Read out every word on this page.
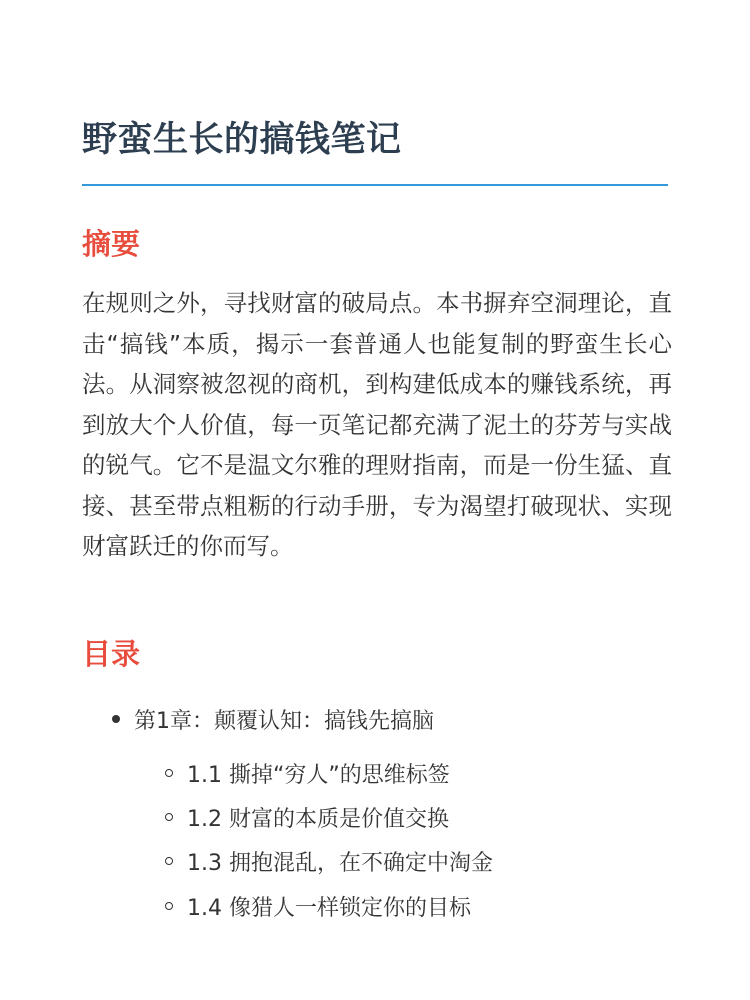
野蛮生长的搞钱笔记
摘要

在规则之外，寻找财富的破局点。本书摒弃空洞理论，直击“搞钱”本质，揭示一套普通人也能复制的野蛮生长心法。从洞察被忽视的商机，到构建低成本的赚钱系统，再到放大个人价值，每一页笔记都充满了泥土的芬芳与实战的锐气。它不是温文尔雅的理财指南，而是一份生猛、直接、甚至带点粗粝的行动手册，专为渴望打破现状、实现财富跃迁的你而写。

目录
第1章：颠覆认知：搞钱先搞脑
1.1 撕掉“穷人”的思维标签
1.2 财富的本质是价值交换
1.3 拥抱混乱，在不确定中淘金
1.4 像猎人一样锁定你的目标
